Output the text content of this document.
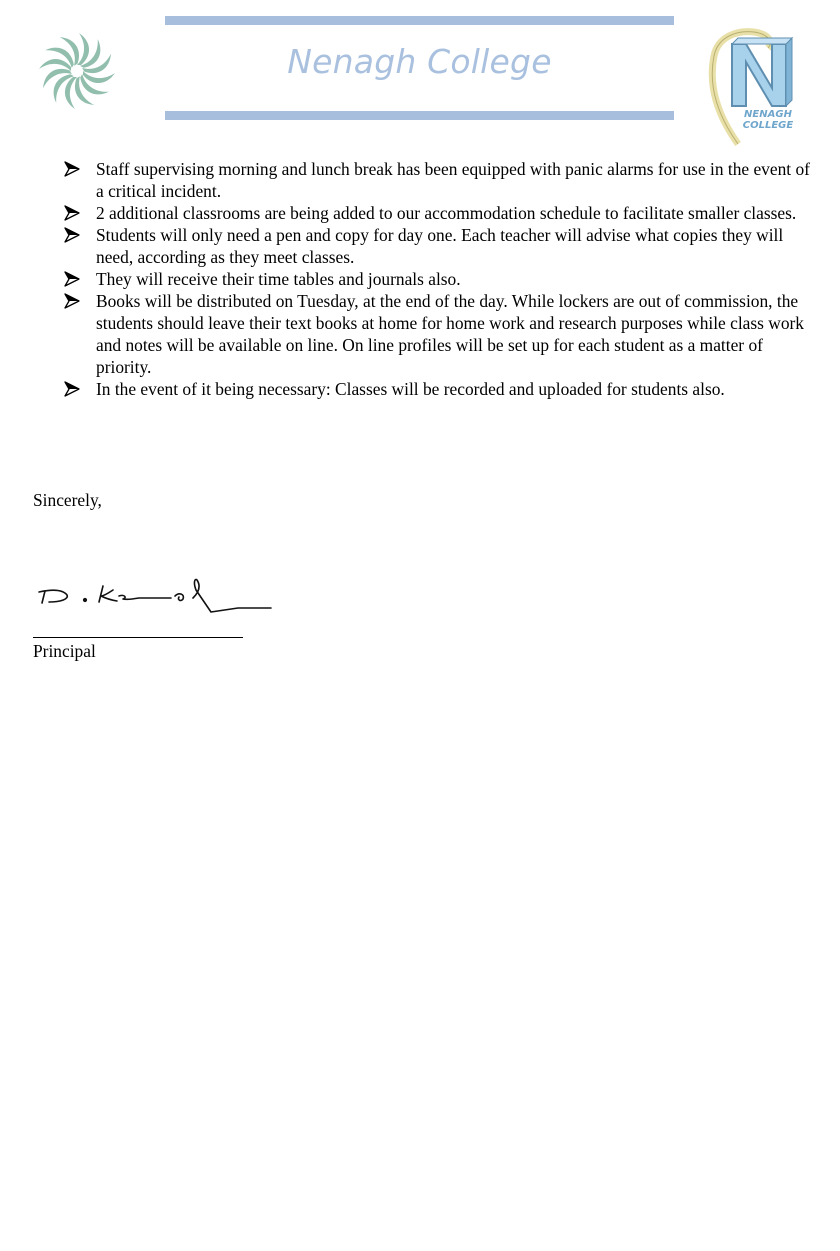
Nenagh College
NENAGH
COLLEGE
Staff supervising morning and lunch break has been equipped with panic alarms for use in the event of a critical incident.
2 additional classrooms are being added to our accommodation schedule to facilitate smaller classes.
Students will only need a pen and copy for day one. Each teacher will advise what copies they will need, according as they meet classes.
They will receive their time tables and journals also.
Books will be distributed on Tuesday, at the end of the day. While lockers are out of commission, the students should leave their text books at home for home work and research purposes while class work and notes will be available on line. On line profiles will be set up for each student as a matter of priority.
In the event of it being necessary: Classes will be recorded and uploaded for students also.
Sincerely,
Principal
